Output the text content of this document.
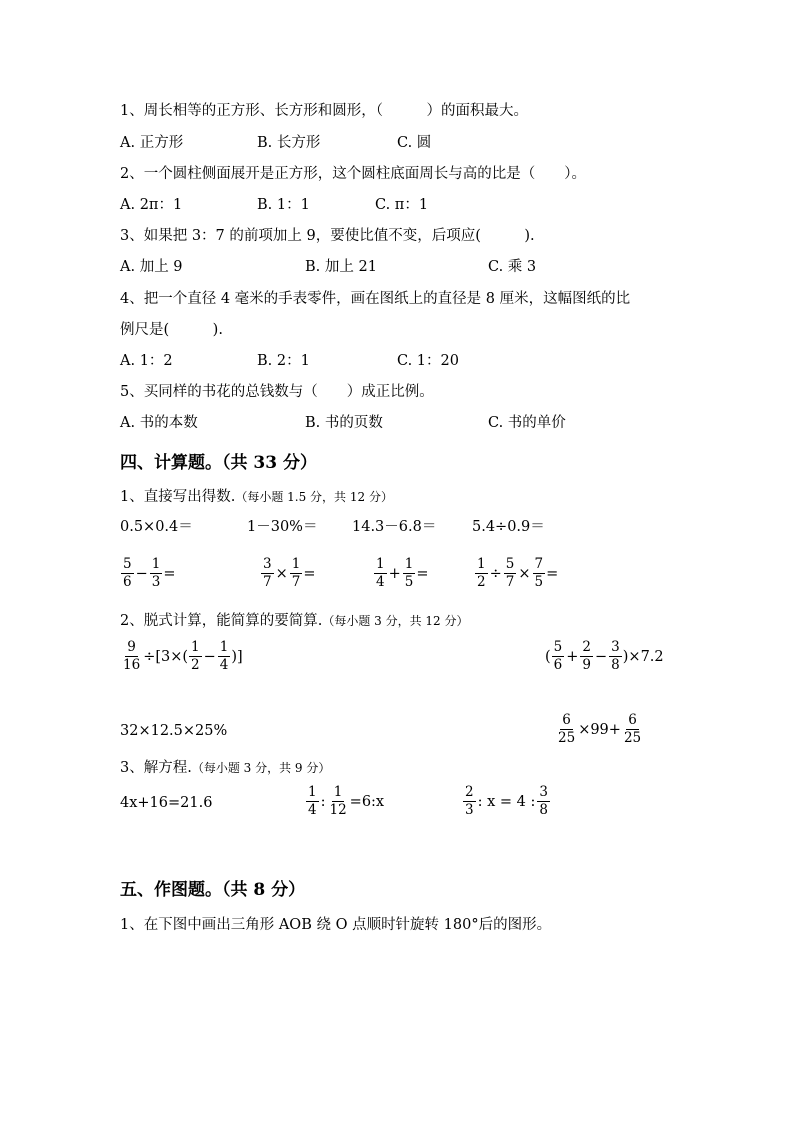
1、周长相等的正方形、长方形和圆形，（　　　）的面积最大。
A. 正方形	B. 长方形	C. 圆
2、一个圆柱侧面展开是正方形，这个圆柱底面周长与高的比是（　　）。
A. 2π：1	B. 1：1	C. π：1
3、如果把 3：7 的前项加上 9，要使比值不变，后项应(　　　).
A. 加上 9	B. 加上 21	C. 乘 3
4、把一个直径 4 毫米的手表零件，画在图纸上的直径是 8 厘米，这幅图纸的比
例尺是(　　　).
A. 1：2	B. 2：1	C. 1：20
5、买同样的书花的总钱数与（　　）成正比例。
A. 书的本数	B. 书的页数	C. 书的单价
四、计算题。（共 33 分）
1、直接写出得数.（每小题 1.5 分，共 12 分）
0.5×0.4＝	1－30%＝ 14.3－6.8＝ 5.4÷0.9＝
$\frac{5}{6} - \frac{1}{3}$ =	$\frac{3}{7} \times \frac{1}{7}$ =	$\frac{1}{4} + \frac{1}{5}$ =	$\frac{1}{2} \div \frac{5}{7} \times \frac{7}{5}$ =
2、脱式计算，能简算的要简算.（每小题 3 分，共 12 分）
$\frac{9}{16} \div[3\times( \frac{1}{2} - \frac{1}{4}$ )]	( $\frac{5}{6} + \frac{2}{9} - \frac{3}{8} )\times 7.2$
32×12.5×25%	$\frac{6}{25} \times 99+ \frac{6}{25}$
3、解方程.（每小题 3 分，共 9 分）
4x+16=21.6	$\frac{1}{4}$ : $\frac{1}{12}$ =6:x	$\frac{2}{3}$ : x = 4 : $\frac{3}{8}$
五、作图题。（共 8 分）
1、在下图中画出三角形 AOB 绕 O 点顺时针旋转 180°后的图形。
